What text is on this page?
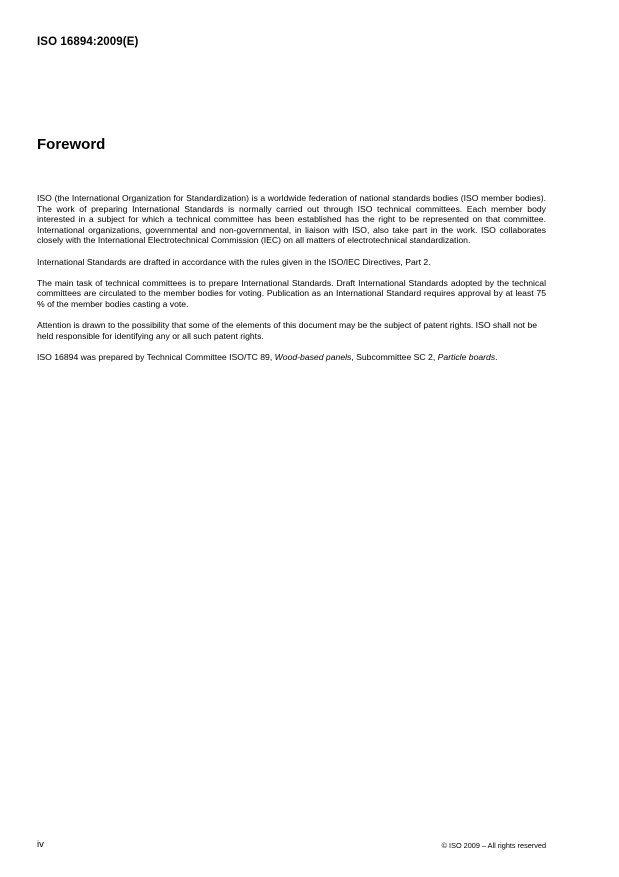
ISO 16894:2009(E)
Foreword

ISO (the International Organization for Standardization) is a worldwide federation of national standards bodies (ISO member bodies). The work of preparing International Standards is normally carried out through ISO technical committees. Each member body interested in a subject for which a technical committee has been established has the right to be represented on that committee. International organizations, governmental and non-governmental, in liaison with ISO, also take part in the work. ISO collaborates closely with the International Electrotechnical Commission (IEC) on all matters of electrotechnical standardization.

International Standards are drafted in accordance with the rules given in the ISO/IEC Directives, Part 2.

The main task of technical committees is to prepare International Standards. Draft International Standards adopted by the technical committees are circulated to the member bodies for voting. Publication as an International Standard requires approval by at least 75 % of the member bodies casting a vote.

Attention is drawn to the possibility that some of the elements of this document may be the subject of patent rights. ISO shall not be held responsible for identifying any or all such patent rights.

ISO 16894 was prepared by Technical Committee ISO/TC 89, Wood-based panels, Subcommittee SC 2, Particle boards.

iv	© ISO 2009 – All rights reserved
